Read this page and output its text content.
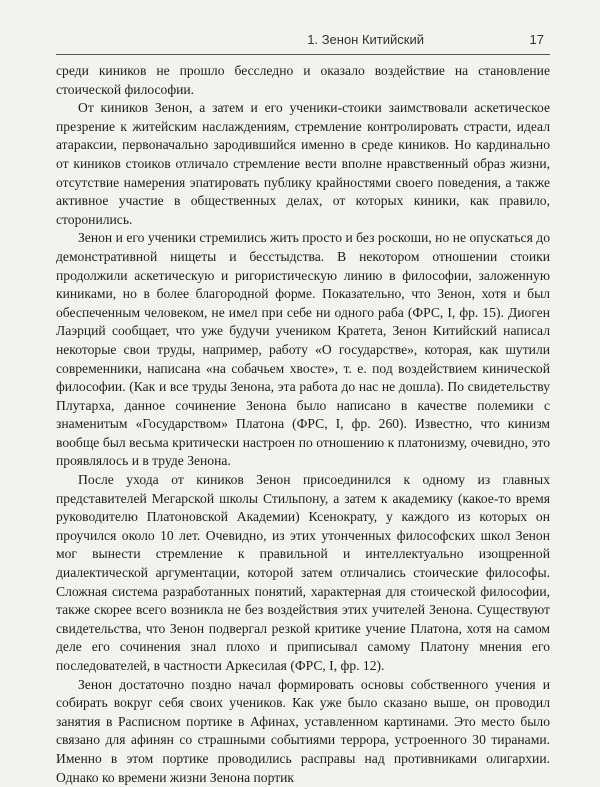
1. Зенон Китийский	17

среди киников не прошло бесследно и оказало воздействие на становление стоической философии.

От киников Зенон, а затем и его ученики-стоики заимствовали аскетическое презрение к житейским наслаждениям, стремление контролировать страсти, идеал атараксии, первоначально зародившийся именно в среде киников. Но кардинально от киников стоиков отличало стремление вести вполне нравственный образ жизни, отсутствие намерения эпатировать публику крайностями своего поведения, а также активное участие в общественных делах, от которых киники, как правило, сторонились.

Зенон и его ученики стремились жить просто и без роскоши, но не опускаться до демонстративной нищеты и бесстыдства. В некотором отношении стоики продолжили аскетическую и ригористическую линию в философии, заложенную киниками, но в более благородной форме. Показательно, что Зенон, хотя и был обеспеченным человеком, не имел при себе ни одного раба (ФРС, I, фр. 15). Диоген Лаэрций сообщает, что уже будучи учеником Кратета, Зенон Китийский написал некоторые свои труды, например, работу «О государстве», которая, как шутили современники, написана «на собачьем хвосте», т. е. под воздействием кинической философии. (Как и все труды Зенона, эта работа до нас не дошла). По свидетельству Плутарха, данное сочинение Зенона было написано в качестве полемики с знаменитым «Государством» Платона (ФРС, I, фр. 260). Известно, что кинизм вообще был весьма критически настроен по отношению к платонизму, очевидно, это проявлялось и в труде Зенона.

После ухода от киников Зенон присоединился к одному из главных представителей Мегарской школы Стильпону, а затем к академику (какое-то время руководителю Платоновской Академии) Ксенократу, у каждого из которых он проучился около 10 лет. Очевидно, из этих утонченных философских школ Зенон мог вынести стремление к правильной и интеллектуально изощренной диалектической аргументации, которой затем отличались стоические философы. Сложная система разработанных понятий, характерная для стоической философии, также скорее всего возникла не без воздействия этих учителей Зенона. Существуют свидетельства, что Зенон подвергал резкой критике учение Платона, хотя на самом деле его сочинения знал плохо и приписывал самому Платону мнения его последователей, в частности Аркесилая (ФРС, I, фр. 12).

Зенон достаточно поздно начал формировать основы собственного учения и собирать вокруг себя своих учеников. Как уже было сказано выше, он проводил занятия в Расписном портике в Афинах, уставленном картинами. Это место было связано для афинян со страшными событиями террора, устроенного 30 тиранами. Именно в этом портике проводились расправы над противниками олигархии. Однако ко времени жизни Зенона портик
